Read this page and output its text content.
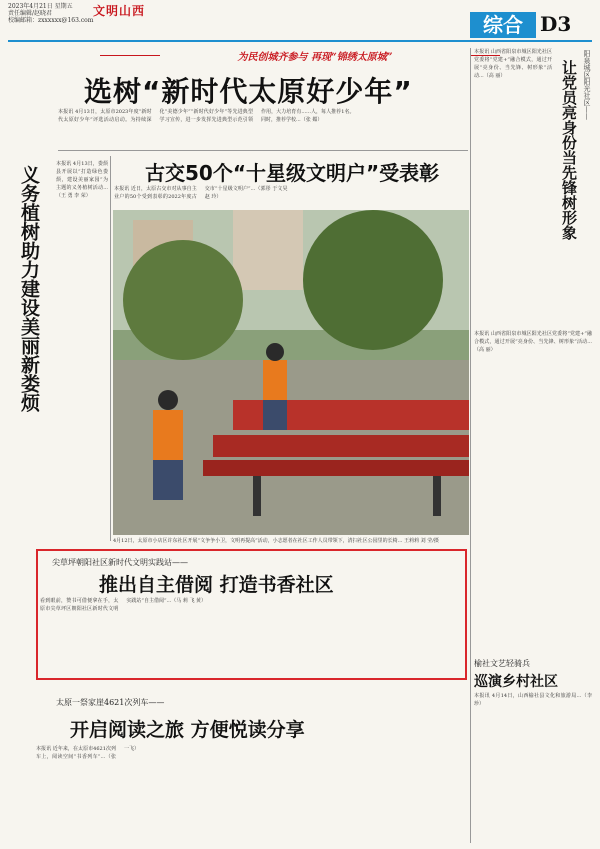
2023年4月21日 星期五
责任编辑/赵晓君
校编邮箱：zxxxxxx@163.com
文明山西
综合 D3
为民创城齐参与 再现“锦绣太原城”
选树“新时代太原好少年”
本报讯 4月13日，太原市2023年度“新时代太原好少年”评选活动启动。为持续深化“美德少年”“新时代好少年”等先进典型学习宣传，进一步发挥先进典型示范引领作用，大力培育有......人，每人推荐1名。同时，推荐学校...（张 媚）
义务植树助力建设美丽新娄烦
本报讯 4月13日，娄烦县开展以“打造绿色娄烦，建设美丽家园”为主题的义务植树活动...（王 勇 李 荣）
古交50个“十星级文明户”受表彰
本报讯 近日，太原古交市对从事自主业户的50个受到表彰的2022年度古交市“十星级文明户”...（郭彤 于文昊 赵 玲）
4月12日，太原市小店区许东社区开展“文争争小卫，文明再提高”活动，小志愿者在社区工作人员带领下，清扫社区公园里的长椅... 王莉莉 刘 莹/摄
尖草坪朝阳社区新时代文明实践站——
推出自主借阅 打造书香社区
看到眼前，赞书可借便拿在手，太原市尖草坪区朝阳社区新时代文明实践站“自主借阅”...（马 莉 飞 黄）
太原一祭家崖4621次列车——
开启阅读之旅 方便悦读分享
本报讯 近年来，在太原市4621次列车上，阅读空间“书香列车”...（张 一飞）
阳泉城区阳光社区——
让党员亮身份当先锋树形象
本报讯 山西省阳泉市城区阳光社区党委将“党建+”融合模式，通过开展“亮身份、当先锋、树形象”活动...（高 丽）
本报讯 山西省阳泉市城区阳光社区党委将“党建+”融合模式，通过开展“亮身份、当先锋、树形象”活动...（高 丽）
榆社文艺轻骑兵
巡演乡村社区
本报讯 4月14日，山西榆社县文化和旅游局...（李 珍）
